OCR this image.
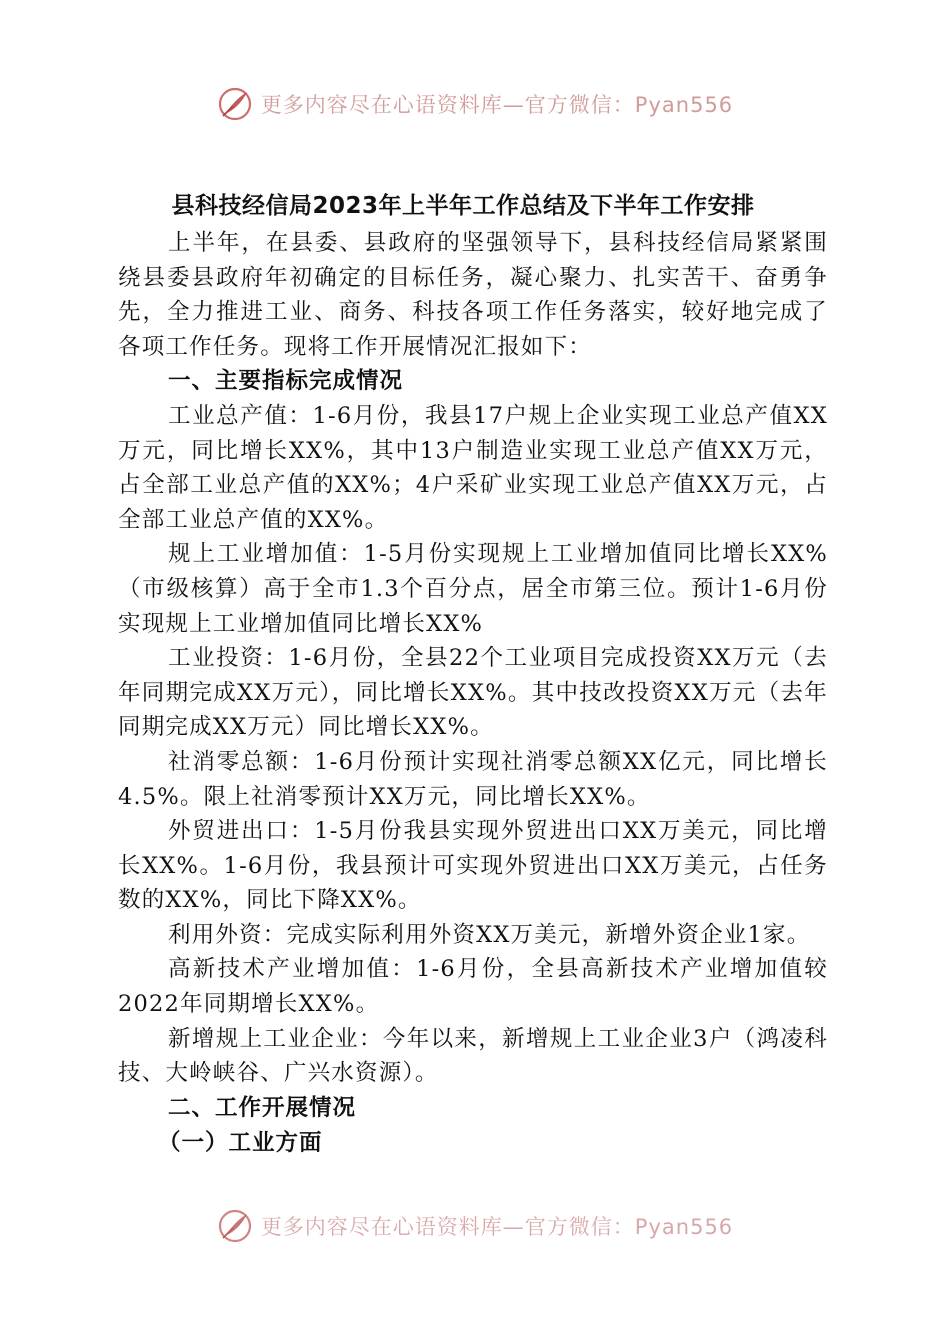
更多内容尽在心语资料库—官方微信：Pyan556
县科技经信局2023年上半年工作总结及下半年工作安排

上半年，在县委、县政府的坚强领导下，县科技经信局紧紧围绕县委县政府年初确定的目标任务，凝心聚力、扎实苦干、奋勇争先，全力推进工业、商务、科技各项工作任务落实，较好地完成了各项工作任务。现将工作开展情况汇报如下：

一、主要指标完成情况

工业总产值：1-6月份，我县17户规上企业实现工业总产值XX万元，同比增长XX%，其中13户制造业实现工业总产值XX万元，占全部工业总产值的XX%；4户采矿业实现工业总产值XX万元，占全部工业总产值的XX%。

规上工业增加值：1-5月份实现规上工业增加值同比增长XX%（市级核算）高于全市1.3个百分点，居全市第三位。预计1-6月份实现规上工业增加值同比增长XX%

工业投资：1-6月份，全县22个工业项目完成投资XX万元（去年同期完成XX万元），同比增长XX%。其中技改投资XX万元（去年同期完成XX万元）同比增长XX%。

社消零总额：1-6月份预计实现社消零总额XX亿元，同比增长4.5%。限上社消零预计XX万元，同比增长XX%。

外贸进出口：1-5月份我县实现外贸进出口XX万美元，同比增长XX%。1-6月份，我县预计可实现外贸进出口XX万美元，占任务数的XX%，同比下降XX%。

利用外资：完成实际利用外资XX万美元，新增外资企业1家。

高新技术产业增加值：1-6月份，全县高新技术产业增加值较2022年同期增长XX%。

新增规上工业企业：今年以来，新增规上工业企业3户（鸿凌科技、大岭峡谷、广兴水资源）。

二、工作开展情况
（一）工业方面
更多内容尽在心语资料库—官方微信：Pyan556
